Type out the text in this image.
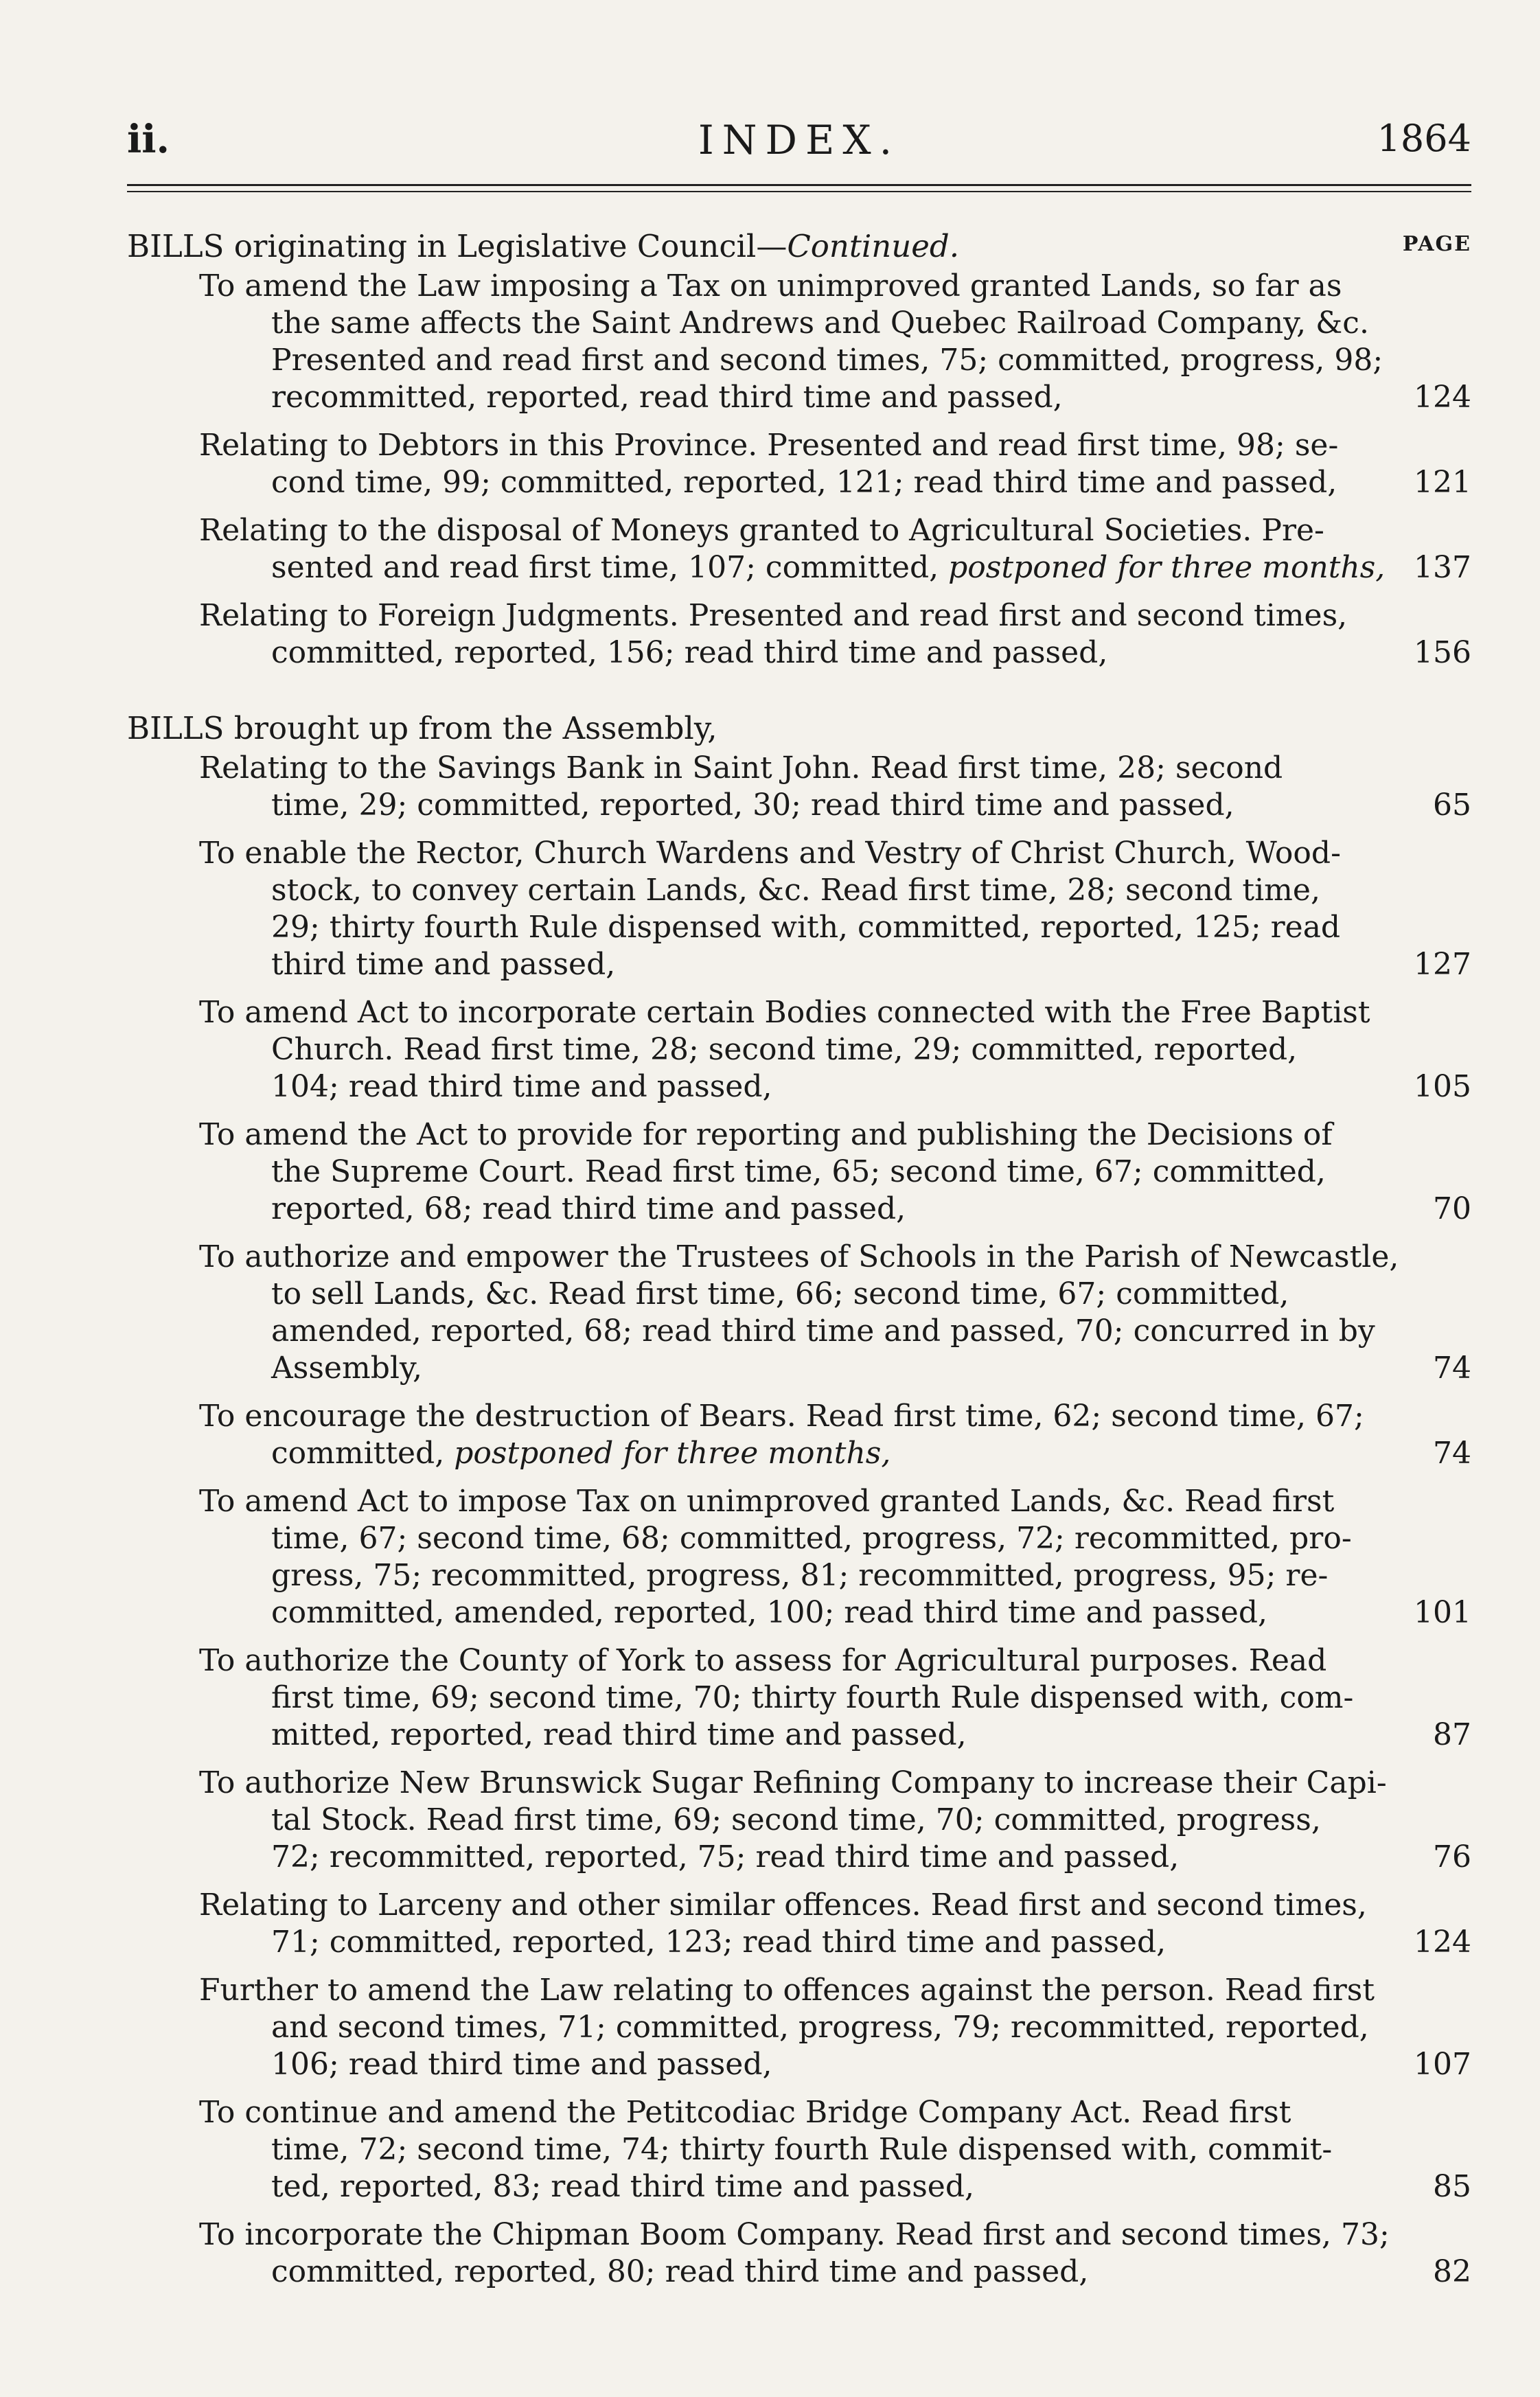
ii.	INDEX.	1864
BILLS originating in Legislative Council—Continued.	PAGE
To amend the Law imposing a Tax on unimproved granted Lands, so far as
the same affects the Saint Andrews and Quebec Railroad Company, &c.
Presented and read first and second times, 75; committed, progress, 98;
recommitted, reported, read third time and passed,	124
Relating to Debtors in this Province. Presented and read first time, 98; se-
cond time, 99; committed, reported, 121; read third time and passed,	121
Relating to the disposal of Moneys granted to Agricultural Societies. Pre-
sented and read first time, 107; committed, postponed for three months, 137
Relating to Foreign Judgments. Presented and read first and second times,
committed, reported, 156; read third time and passed,	156
BILLS brought up from the Assembly,
Relating to the Savings Bank in Saint John. Read first time, 28; second
time, 29; committed, reported, 30; read third time and passed,	65
To enable the Rector, Church Wardens and Vestry of Christ Church, Wood-
stock, to convey certain Lands, &c. Read first time, 28; second time,
29; thirty fourth Rule dispensed with, committed, reported, 125; read
third time and passed,	127
To amend Act to incorporate certain Bodies connected with the Free Baptist
Church. Read first time, 28; second time, 29; committed, reported,
104; read third time and passed,	105
To amend the Act to provide for reporting and publishing the Decisions of
the Supreme Court. Read first time, 65; second time, 67; committed,
reported, 68; read third time and passed,	70
To authorize and empower the Trustees of Schools in the Parish of Newcastle,
to sell Lands, &c. Read first time, 66; second time, 67; committed,
amended, reported, 68; read third time and passed, 70; concurred in by
Assembly,	74
To encourage the destruction of Bears. Read first time, 62; second time, 67;
committed, postponed for three months,	74
To amend Act to impose Tax on unimproved granted Lands, &c. Read first
time, 67; second time, 68; committed, progress, 72; recommitted, pro-
gress, 75; recommitted, progress, 81; recommitted, progress, 95; re-
committed, amended, reported, 100; read third time and passed,	101
To authorize the County of York to assess for Agricultural purposes. Read
first time, 69; second time, 70; thirty fourth Rule dispensed with, com-
mitted, reported, read third time and passed,	87
To authorize New Brunswick Sugar Refining Company to increase their Capi-
tal Stock. Read first time, 69; second time, 70; committed, progress,
72; recommitted, reported, 75; read third time and passed,	76
Relating to Larceny and other similar offences. Read first and second times,
71; committed, reported, 123; read third time and passed,	124
Further to amend the Law relating to offences against the person. Read first
and second times, 71; committed, progress, 79; recommitted, reported,
106; read third time and passed,	107
To continue and amend the Petitcodiac Bridge Company Act. Read first
time, 72; second time, 74; thirty fourth Rule dispensed with, commit-
ted, reported, 83; read third time and passed,	85
To incorporate the Chipman Boom Company. Read first and second times, 73;
committed, reported, 80; read third time and passed,	82
